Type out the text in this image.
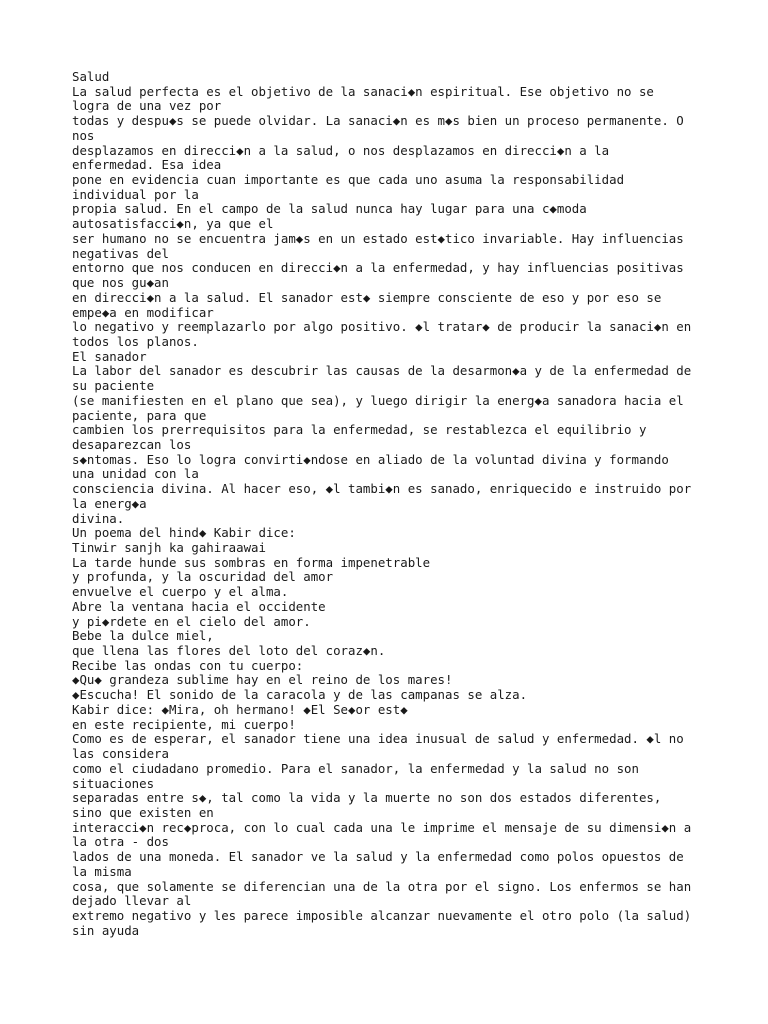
Salud
La salud perfecta es el objetivo de la sanaci◆n espiritual. Ese objetivo no se
logra de una vez por
todas y despu◆s se puede olvidar. La sanaci◆n es m◆s bien un proceso permanente. O
nos
desplazamos en direcci◆n a la salud, o nos desplazamos en direcci◆n a la
enfermedad. Esa idea
pone en evidencia cuan importante es que cada uno asuma la responsabilidad
individual por la
propia salud. En el campo de la salud nunca hay lugar para una c◆moda
autosatisfacci◆n, ya que el
ser humano no se encuentra jam◆s en un estado est◆tico invariable. Hay influencias
negativas del
entorno que nos conducen en direcci◆n a la enfermedad, y hay influencias positivas
que nos gu◆an
en direcci◆n a la salud. El sanador est◆ siempre consciente de eso y por eso se
empe◆a en modificar
lo negativo y reemplazarlo por algo positivo. ◆l tratar◆ de producir la sanaci◆n en
todos los planos.
El sanador
La labor del sanador es descubrir las causas de la desarmon◆a y de la enfermedad de
su paciente
(se manifiesten en el plano que sea), y luego dirigir la energ◆a sanadora hacia el
paciente, para que
cambien los prerrequisitos para la enfermedad, se restablezca el equilibrio y
desaparezcan los
s◆ntomas. Eso lo logra convirti◆ndose en aliado de la voluntad divina y formando
una unidad con la
consciencia divina. Al hacer eso, ◆l tambi◆n es sanado, enriquecido e instruido por
la energ◆a
divina.
Un poema del hind◆ Kabir dice:
Tinwir sanjh ka gahiraawai
La tarde hunde sus sombras en forma impenetrable
y profunda, y la oscuridad del amor
envuelve el cuerpo y el alma.
Abre la ventana hacia el occidente
y pi◆rdete en el cielo del amor.
Bebe la dulce miel,
que llena las flores del loto del coraz◆n.
Recibe las ondas con tu cuerpo:
◆Qu◆ grandeza sublime hay en el reino de los mares!
◆Escucha! El sonido de la caracola y de las campanas se alza.
Kabir dice: ◆Mira, oh hermano! ◆El Se◆or est◆
en este recipiente, mi cuerpo!
Como es de esperar, el sanador tiene una idea inusual de salud y enfermedad. ◆l no
las considera
como el ciudadano promedio. Para el sanador, la enfermedad y la salud no son
situaciones
separadas entre s◆, tal como la vida y la muerte no son dos estados diferentes,
sino que existen en
interacci◆n rec◆proca, con lo cual cada una le imprime el mensaje de su dimensi◆n a
la otra - dos
lados de una moneda. El sanador ve la salud y la enfermedad como polos opuestos de
la misma
cosa, que solamente se diferencian una de la otra por el signo. Los enfermos se han
dejado llevar al
extremo negativo y les parece imposible alcanzar nuevamente el otro polo (la salud)
sin ayuda
